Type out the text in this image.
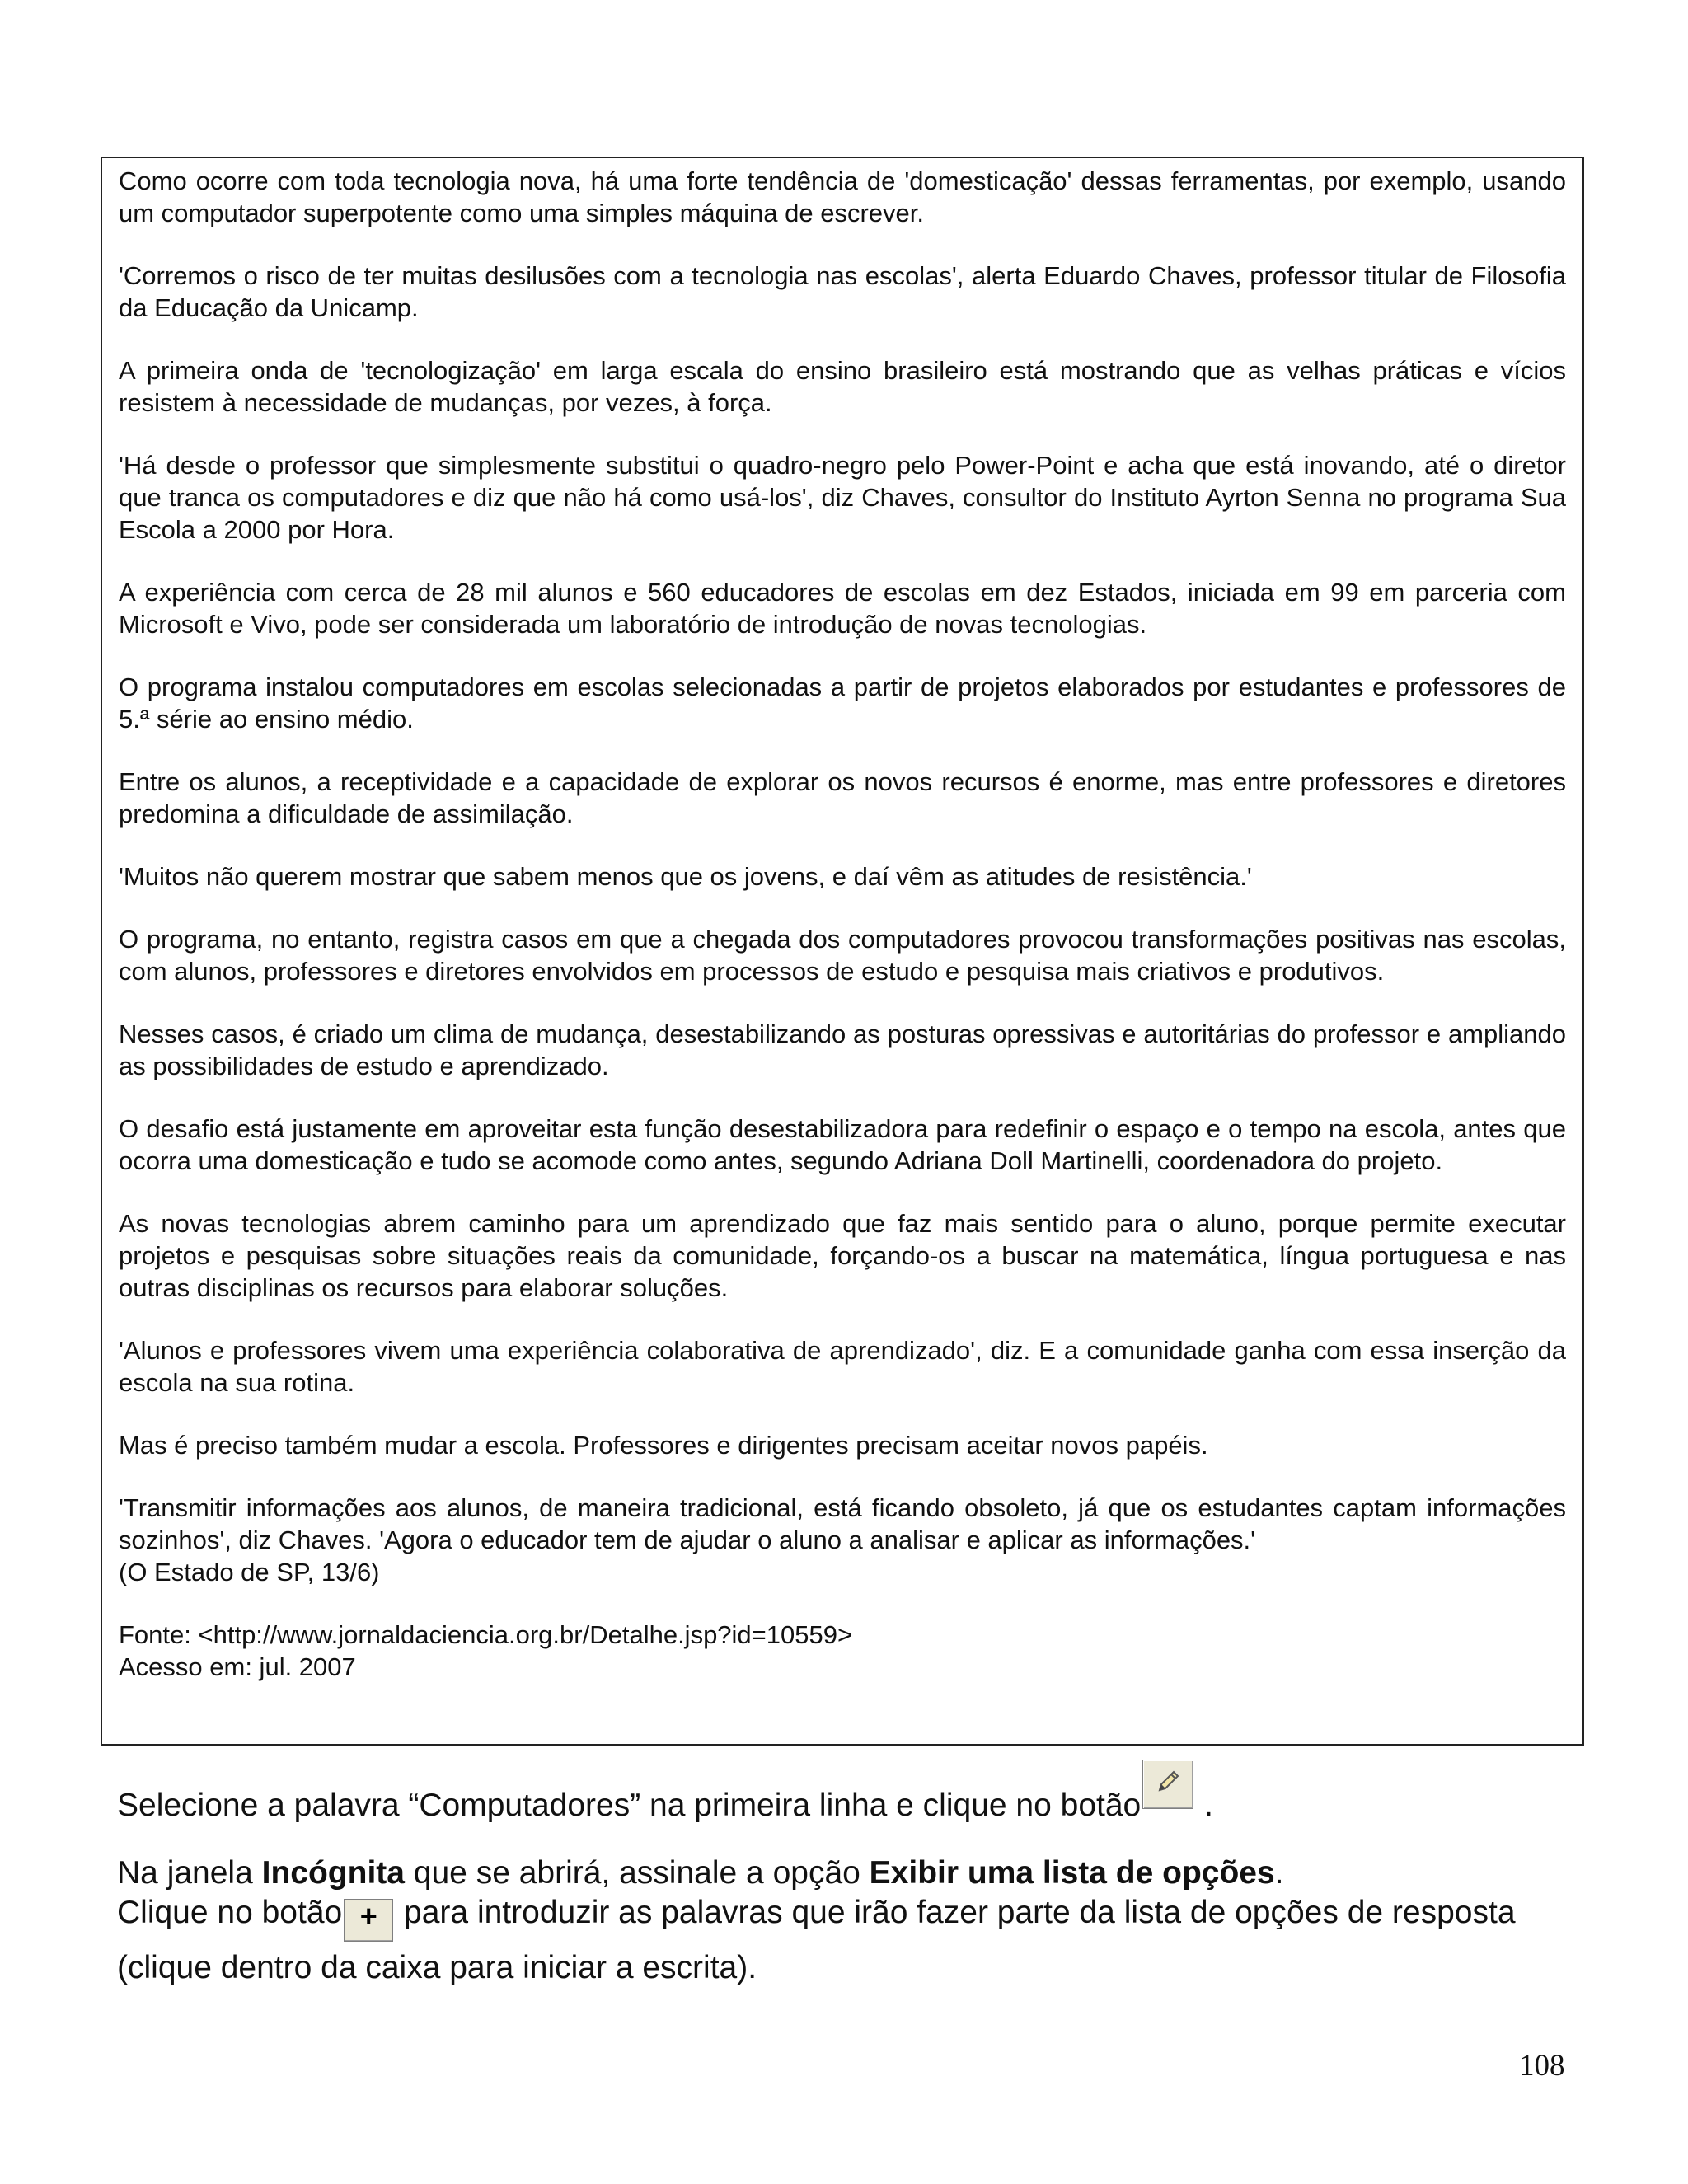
Como ocorre com toda tecnologia nova, há uma forte tendência de 'domesticação' dessas ferramentas, por exemplo, usando um computador superpotente como uma simples máquina de escrever.

'Corremos o risco de ter muitas desilusões com a tecnologia nas escolas', alerta Eduardo Chaves, professor titular de Filosofia da Educação da Unicamp.

A primeira onda de 'tecnologização' em larga escala do ensino brasileiro está mostrando que as velhas práticas e vícios resistem à necessidade de mudanças, por vezes, à força.

'Há desde o professor que simplesmente substitui o quadro-negro pelo Power-Point e acha que está inovando, até o diretor que tranca os computadores e diz que não há como usá-los', diz Chaves, consultor do Instituto Ayrton Senna no programa Sua Escola a 2000 por Hora.

A experiência com cerca de 28 mil alunos e 560 educadores de escolas em dez Estados, iniciada em 99 em parceria com Microsoft e Vivo, pode ser considerada um laboratório de introdução de novas tecnologias.

O programa instalou computadores em escolas selecionadas a partir de projetos elaborados por estudantes e professores de 5.ª série ao ensino médio.

Entre os alunos, a receptividade e a capacidade de explorar os novos recursos é enorme, mas entre professores e diretores predomina a dificuldade de assimilação.

'Muitos não querem mostrar que sabem menos que os jovens, e daí vêm as atitudes de resistência.'

O programa, no entanto, registra casos em que a chegada dos computadores provocou transformações positivas nas escolas, com alunos, professores e diretores envolvidos em processos de estudo e pesquisa mais criativos e produtivos.

Nesses casos, é criado um clima de mudança, desestabilizando as posturas opressivas e autoritárias do professor e ampliando as possibilidades de estudo e aprendizado.

O desafio está justamente em aproveitar esta função desestabilizadora para redefinir o espaço e o tempo na escola, antes que ocorra uma domesticação e tudo se acomode como antes, segundo Adriana Doll Martinelli, coordenadora do projeto.

As novas tecnologias abrem caminho para um aprendizado que faz mais sentido para o aluno, porque permite executar projetos e pesquisas sobre situações reais da comunidade, forçando-os a buscar na matemática, língua portuguesa e nas outras disciplinas os recursos para elaborar soluções.

'Alunos e professores vivem uma experiência colaborativa de aprendizado', diz. E a comunidade ganha com essa inserção da escola na sua rotina.

Mas é preciso também mudar a escola. Professores e dirigentes precisam aceitar novos papéis.

'Transmitir informações aos alunos, de maneira tradicional, está ficando obsoleto, já que os estudantes captam informações sozinhos', diz Chaves. 'Agora o educador tem de ajudar o aluno a analisar e aplicar as informações.'

(O Estado de SP, 13/6)

Fonte: <http://www.jornaldaciencia.org.br/Detalhe.jsp?id=10559>

Acesso em: jul. 2007

Selecione a palavra “Computadores” na primeira linha e clique no botão
.

Na janela Incógnita que se abrirá, assinale a opção Exibir uma lista de opções.

Clique no botão + para introduzir as palavras que irão fazer parte da lista de opções de resposta (clique dentro da caixa para iniciar a escrita).

108
